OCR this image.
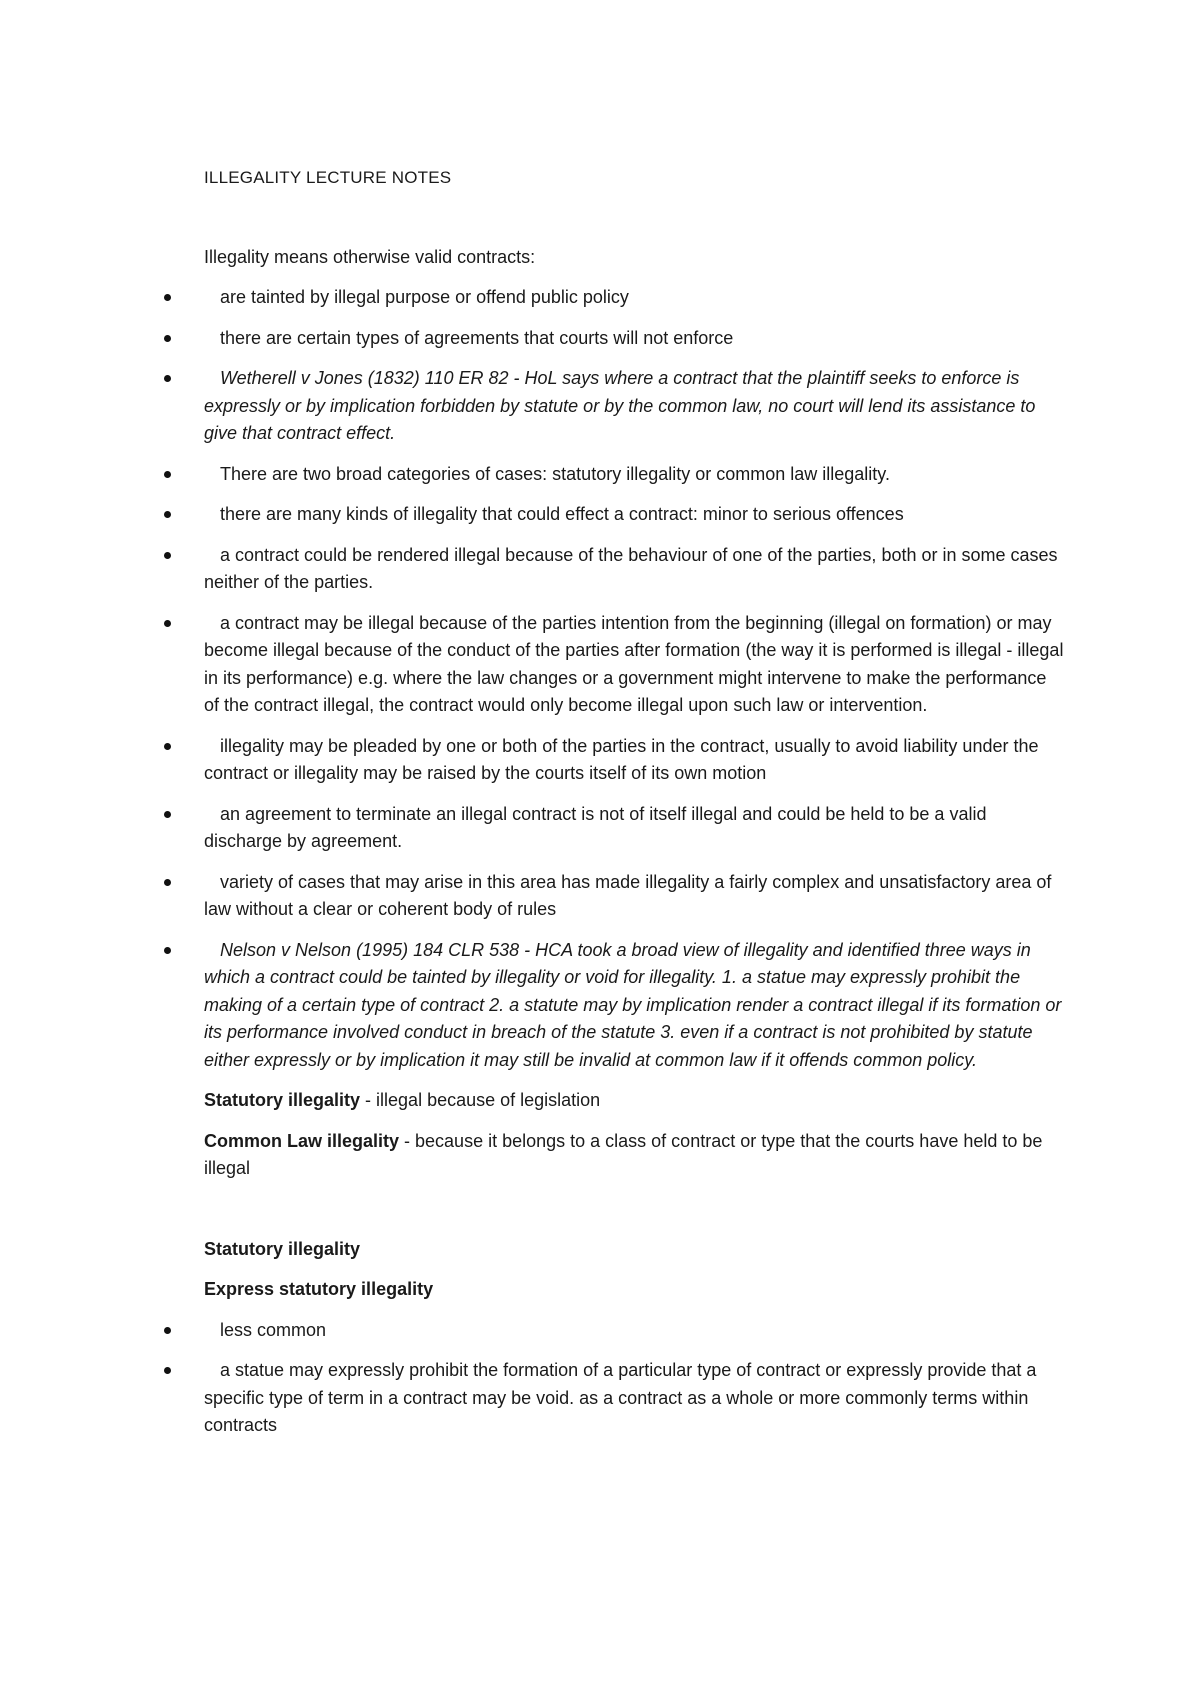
ILLEGALITY LECTURE NOTES
Illegality means otherwise valid contracts:
are tainted by illegal purpose or offend public policy
there are certain types of agreements that courts will not enforce
Wetherell v Jones (1832) 110 ER 82 - HoL says where a contract that the plaintiff seeks to enforce is expressly or by implication forbidden by statute or by the common law, no court will lend its assistance to give that contract effect.
There are two broad categories of cases: statutory illegality or common law illegality.
there are many kinds of illegality that could effect a contract: minor to serious offences
a contract could be rendered illegal because of the behaviour of one of the parties, both or in some cases neither of the parties.
a contract may be illegal because of the parties intention from the beginning (illegal on formation) or may become illegal because of the conduct of the parties after formation (the way it is performed is illegal - illegal in its performance) e.g. where the law changes or a government might intervene to make the performance of the contract illegal, the contract would only become illegal upon such law or intervention.
illegality may be pleaded by one or both of the parties in the contract, usually to avoid liability under the contract or illegality may be raised by the courts itself of its own motion
an agreement to terminate an illegal contract is not of itself illegal and could be held to be a valid discharge by agreement.
variety of cases that may arise in this area has made illegality a fairly complex and unsatisfactory area of law without a clear or coherent body of rules
Nelson v Nelson (1995) 184 CLR 538 - HCA took a broad view of illegality and identified three ways in which a contract could be tainted by illegality or void for illegality. 1. a statue may expressly prohibit the making of a certain type of contract 2. a statute may by implication render a contract illegal if its formation or its performance involved conduct in breach of the statute 3. even if a contract is not prohibited by statute either expressly or by implication it may still be invalid at common law if it offends common policy.
Statutory illegality - illegal because of legislation
Common Law illegality - because it belongs to a class of contract or type that the courts have held to be illegal
Statutory illegality
Express statutory illegality
less common
a statue may expressly prohibit the formation of a particular type of contract or expressly provide that a specific type of term in a contract may be void. as a contract as a whole or more commonly terms within contracts
